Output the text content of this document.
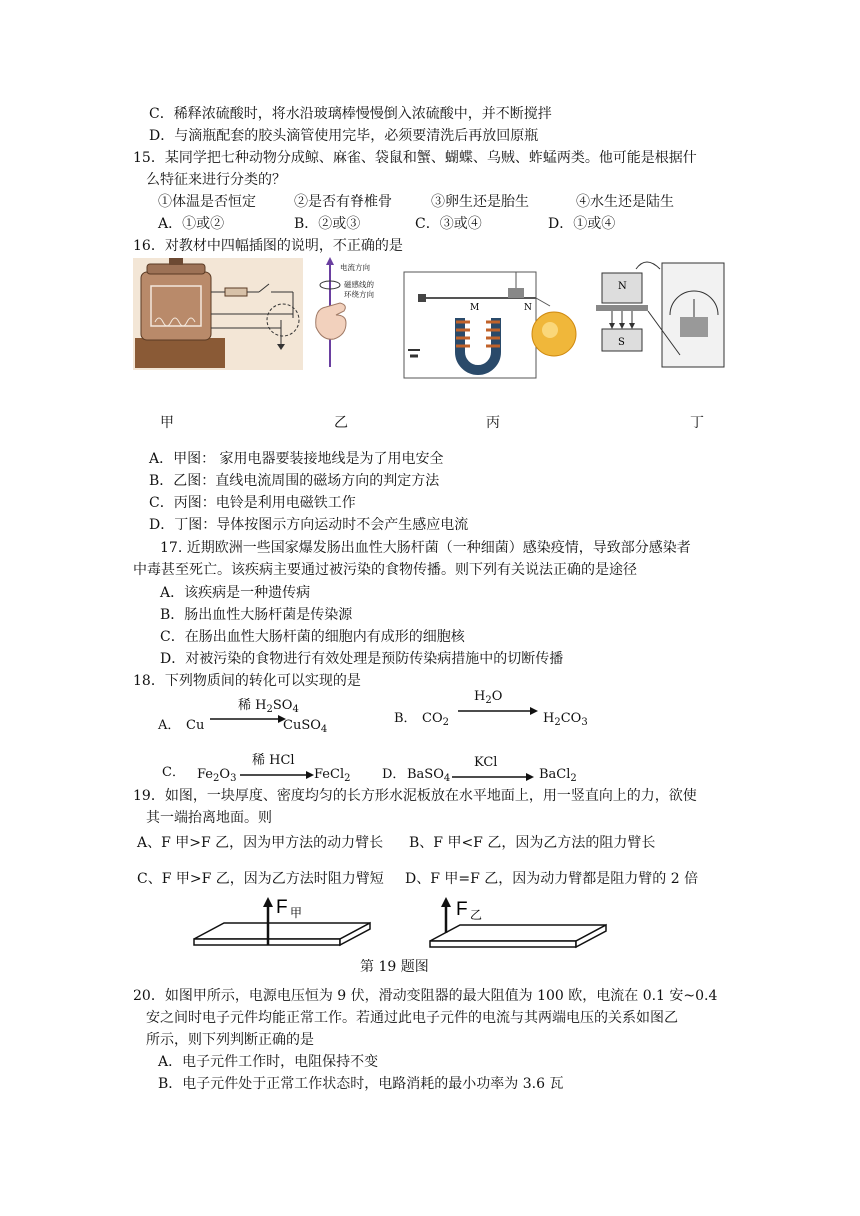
C．稀释浓硫酸时，将水沿玻璃棒慢慢倒入浓硫酸中，并不断搅拌
D．与滴瓶配套的胶头滴管使用完毕，必须要清洗后再放回原瓶
15．某同学把七种动物分成鲸、麻雀、袋鼠和蟹、蝴蝶、乌贼、蚱蜢两类。他可能是根据什
么特征来进行分类的？
①体温是否恒定	②是否有脊椎骨	③卵生还是胎生	④水生还是陆生
A．①或②	B．②或③	C．③或④	D．①或④
16．对教材中四幅插图的说明，不正确的是
电流方向
磁感线的
环绕方向
M	N
N
S
甲	乙	丙	丁
A．甲图： 家用电器要装接地线是为了用电安全
B．乙图：直线电流周围的磁场方向的判定方法
C．丙图：电铃是利用电磁铁工作
D．丁图：导体按图示方向运动时不会产生感应电流
17. 近期欧洲一些国家爆发肠出血性大肠杆菌（一种细菌）感染疫情，导致部分感染者
中毒甚至死亡。该疾病主要通过被污染的食物传播。则下列有关说法正确的是途径
A．该疾病是一种遗传病
B．肠出血性大肠杆菌是传染源
C．在肠出血性大肠杆菌的细胞内有成形的细胞核
D．对被污染的食物进行有效处理是预防传染病措施中的切断传播
18．下列物质间的转化可以实现的是
A． Cu
稀 $H_2SO_4$
CuSO$_4$
B． $CO_2$
$H_2O$
$H_2CO_3$
C． $Fe_2O_3$
稀 HCl
FeCl$_2$ D． BaSO$_4$
KCl
BaCl$_2$
19．如图，一块厚度、密度均匀的长方形水泥板放在水平地面上，用一竖直向上的力，欲使
其一端抬离地面。则
A、F 甲>F 乙，因为甲方法的动力臂长 B、F 甲<F 乙，因为乙方法的阻力臂长
C、F 甲>F 乙，因为乙方法时阻力臂短 D、F 甲=F 乙，因为动力臂都是阻力臂的 2 倍
F 甲	F 乙
第 19 题图
20．如图甲所示，电源电压恒为 9 伏，滑动变阻器的最大阻值为 100 欧，电流在 0.1 安~0.4
安之间时电子元件均能正常工作。若通过此电子元件的电流与其两端电压的关系如图乙
所示，则下列判断正确的是
A．电子元件工作时，电阻保持不变
B．电子元件处于正常工作状态时，电路消耗的最小功率为 3.6 瓦
